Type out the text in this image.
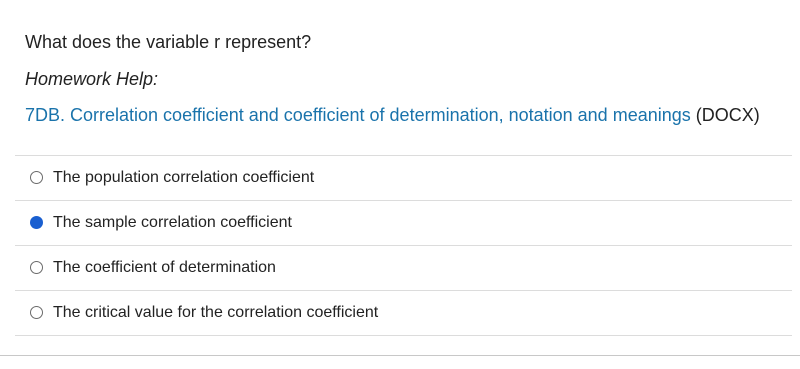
What does the variable r represent?
Homework Help:
7DB. Correlation coefficient and coefficient of determination, notation and meanings (DOCX)
The population correlation coefficient
The sample correlation coefficient
The coefficient of determination
The critical value for the correlation coefficient
